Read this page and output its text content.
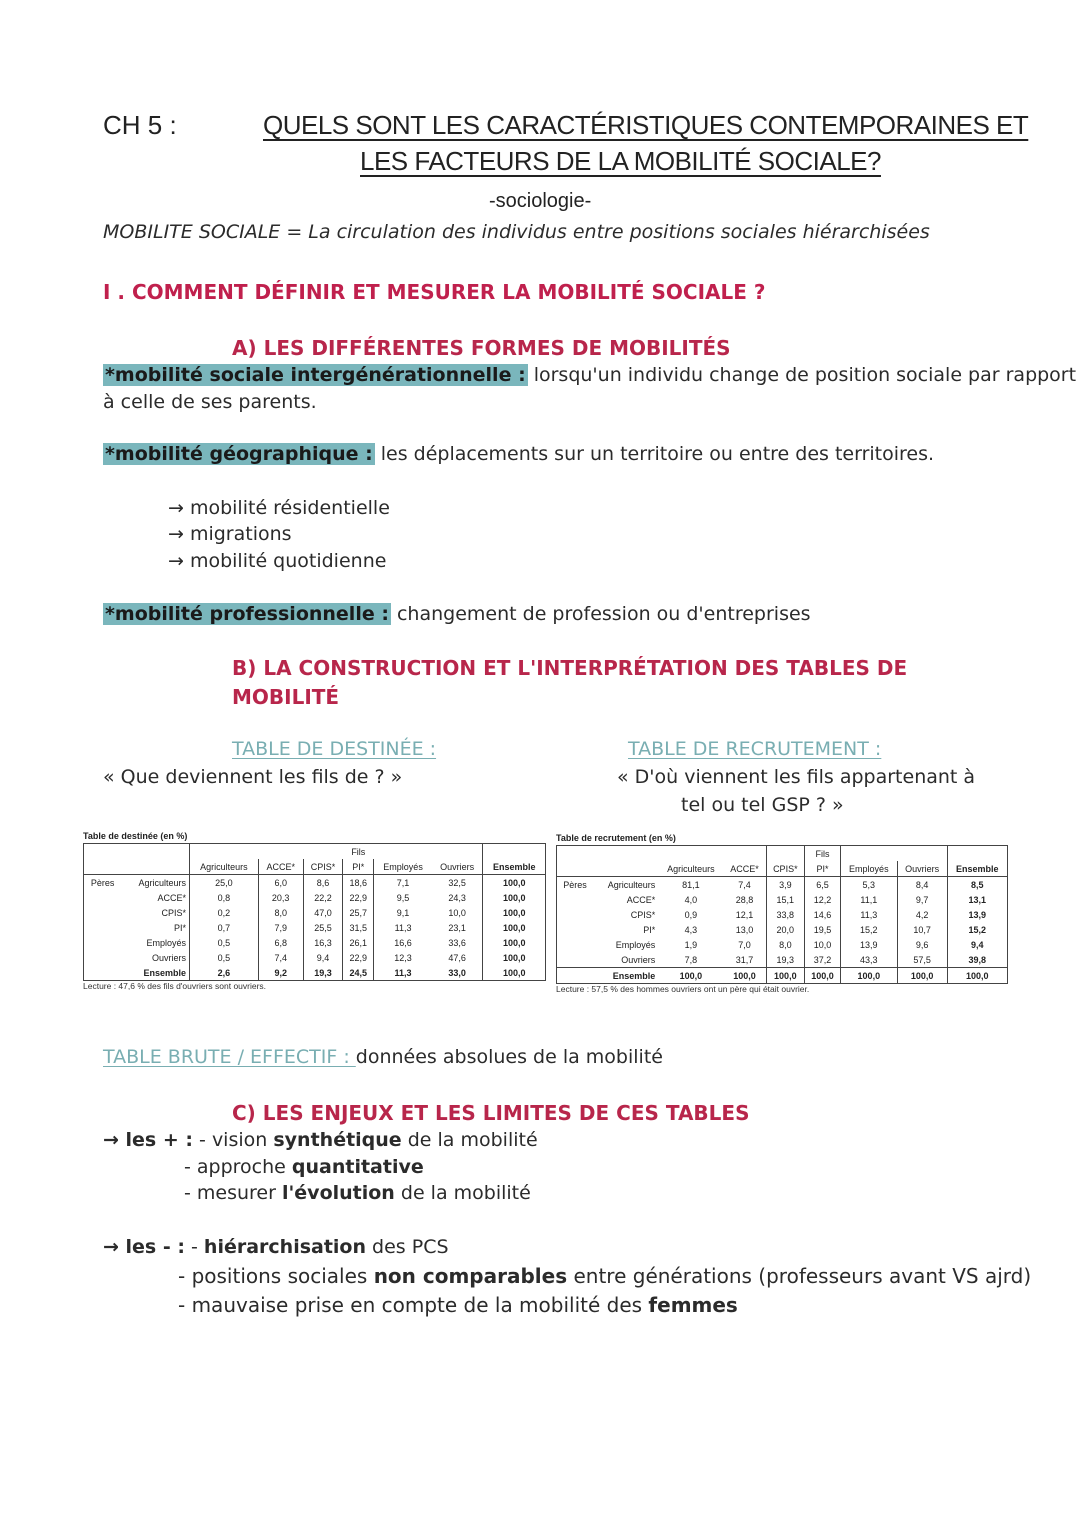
CH 5 :	QUELS SONT LES CARACTÉRISTIQUES CONTEMPORAINES ET
LES FACTEURS DE LA MOBILITÉ SOCIALE?
-sociologie-
MOBILITE SOCIALE = La circulation des individus entre positions sociales hiérarchisées
I . COMMENT DÉFINIR ET MESURER LA MOBILITÉ SOCIALE ?
A) LES DIFFÉRENTES FORMES DE MOBILITÉS
*mobilité sociale intergénérationnelle : lorsqu'un individu change de position sociale par rapport
à celle de ses parents.
*mobilité géographique : les déplacements sur un territoire ou entre des territoires.
→ mobilité résidentielle
→ migrations
→ mobilité quotidienne
*mobilité professionnelle : changement de profession ou d'entreprises
B) LA CONSTRUCTION ET L'INTERPRÉTATION DES TABLES DE
MOBILITÉ
TABLE DE DESTINÉE :
« Que deviennent les fils de ? »
TABLE DE RECRUTEMENT :
« D'où viennent les fils appartenant à
tel ou tel GSP ? »
Table de destinée (en %)
					Fils			
		Agriculteurs	ACCE*	CPIS*	PI*	Employés	Ouvriers	Ensemble
Pères	Agriculteurs	25,0	6,0	8,6	18,6	7,1	32,5	100,0
	ACCE*	0,8	20,3	22,2	22,9	9,5	24,3	100,0
	CPIS*	0,2	8,0	47,0	25,7	9,1	10,0	100,0
	PI*	0,7	7,9	25,5	31,5	11,3	23,1	100,0
	Employés	0,5	6,8	16,3	26,1	16,6	33,6	100,0
	Ouvriers	0,5	7,4	9,4	22,9	12,3	47,6	100,0
	Ensemble	2,6	9,2	19,3	24,5	11,3	33,0	100,0
Lecture : 47,6 % des fils d'ouvriers sont ouvriers.
Table de recrutement (en %)
					Fils			
		Agriculteurs	ACCE*	CPIS*	PI*	Employés	Ouvriers	Ensemble
Pères	Agriculteurs	81,1	7,4	3,9	6,5	5,3	8,4	8,5
	ACCE*	4,0	28,8	15,1	12,2	11,1	9,7	13,1
	CPIS*	0,9	12,1	33,8	14,6	11,3	4,2	13,9
	PI*	4,3	13,0	20,0	19,5	15,2	10,7	15,2
	Employés	1,9	7,0	8,0	10,0	13,9	9,6	9,4
	Ouvriers	7,8	31,7	19,3	37,2	43,3	57,5	39,8
	Ensemble	100,0	100,0	100,0	100,0	100,0	100,0	100,0
Lecture : 57,5 % des hommes ouvriers ont un père qui était ouvrier.
TABLE BRUTE / EFFECTIF : données absolues de la mobilité
C) LES ENJEUX ET LES LIMITES DE CES TABLES
→ les + : - vision synthétique de la mobilité
- approche quantitative
- mesurer l'évolution de la mobilité
→ les - : - hiérarchisation des PCS
- positions sociales non comparables entre générations (professeurs avant VS ajrd)
- mauvaise prise en compte de la mobilité des femmes
